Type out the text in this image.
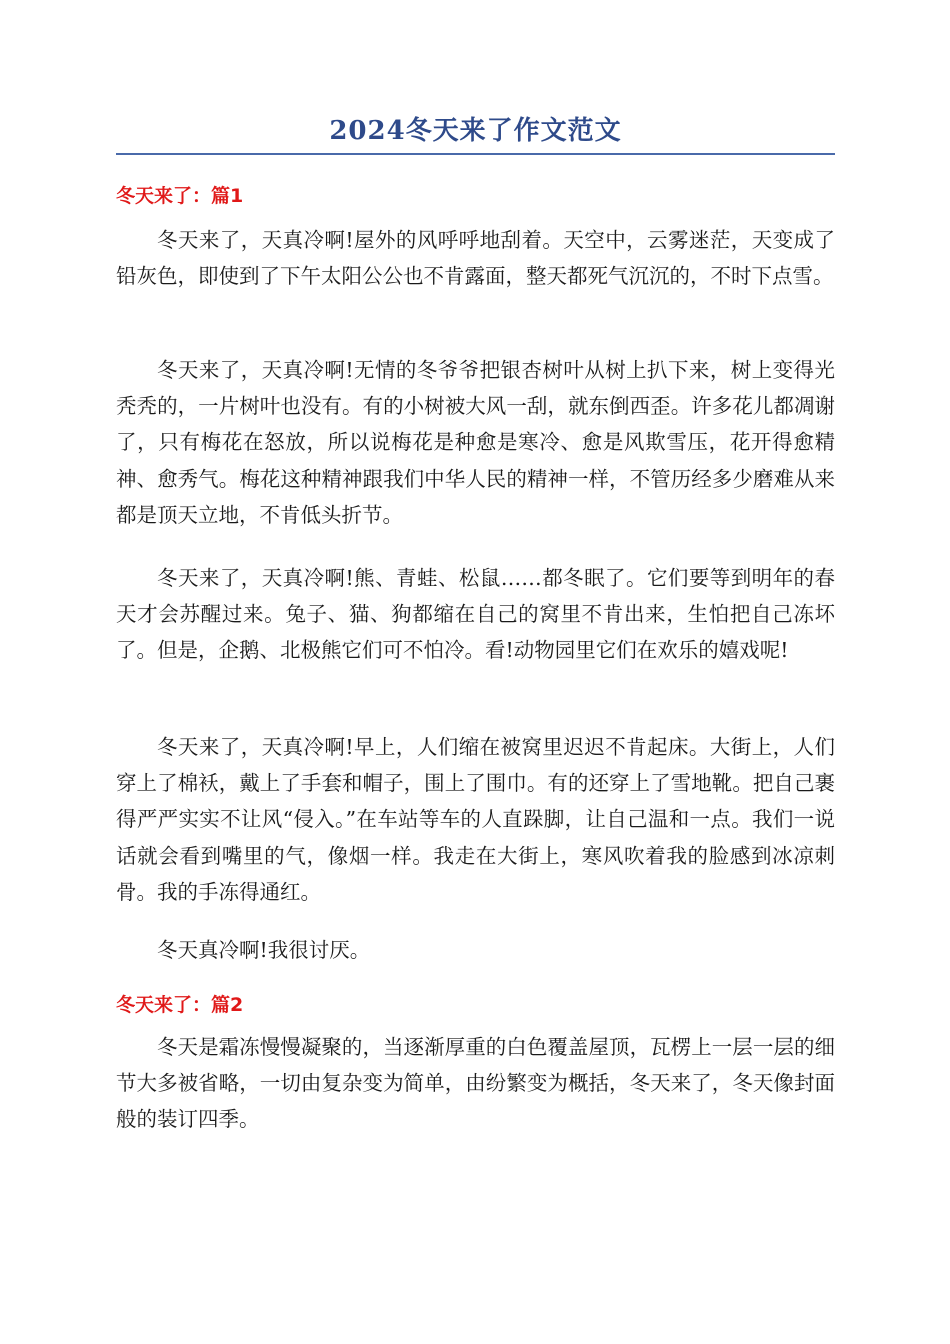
2024冬天来了作文范文
冬天来了：篇1

冬天来了，天真冷啊!屋外的风呼呼地刮着。天空中，云雾迷茫，天变成了铅灰色，即使到了下午太阳公公也不肯露面，整天都死气沉沉的，不时下点雪。

冬天来了，天真冷啊!无情的冬爷爷把银杏树叶从树上扒下来，树上变得光秃秃的，一片树叶也没有。有的小树被大风一刮，就东倒西歪。许多花儿都凋谢了，只有梅花在怒放，所以说梅花是种愈是寒冷、愈是风欺雪压，花开得愈精神、愈秀气。梅花这种精神跟我们中华人民的精神一样，不管历经多少磨难从来都是顶天立地，不肯低头折节。

冬天来了，天真冷啊!熊、青蛙、松鼠……都冬眠了。它们要等到明年的春天才会苏醒过来。兔子、猫、狗都缩在自己的窝里不肯出来，生怕把自己冻坏了。但是，企鹅、北极熊它们可不怕冷。看!动物园里它们在欢乐的嬉戏呢!

冬天来了，天真冷啊!早上，人们缩在被窝里迟迟不肯起床。大街上，人们穿上了棉袄，戴上了手套和帽子，围上了围巾。有的还穿上了雪地靴。把自己裹得严严实实不让风“侵入。”在车站等车的人直跺脚，让自己温和一点。我们一说话就会看到嘴里的气，像烟一样。我走在大街上，寒风吹着我的脸感到冰凉刺骨。我的手冻得通红。

冬天真冷啊!我很讨厌。

冬天来了：篇2

冬天是霜冻慢慢凝聚的，当逐渐厚重的白色覆盖屋顶，瓦楞上一层一层的细节大多被省略，一切由复杂变为简单，由纷繁变为概括，冬天来了，冬天像封面般的装订四季。
